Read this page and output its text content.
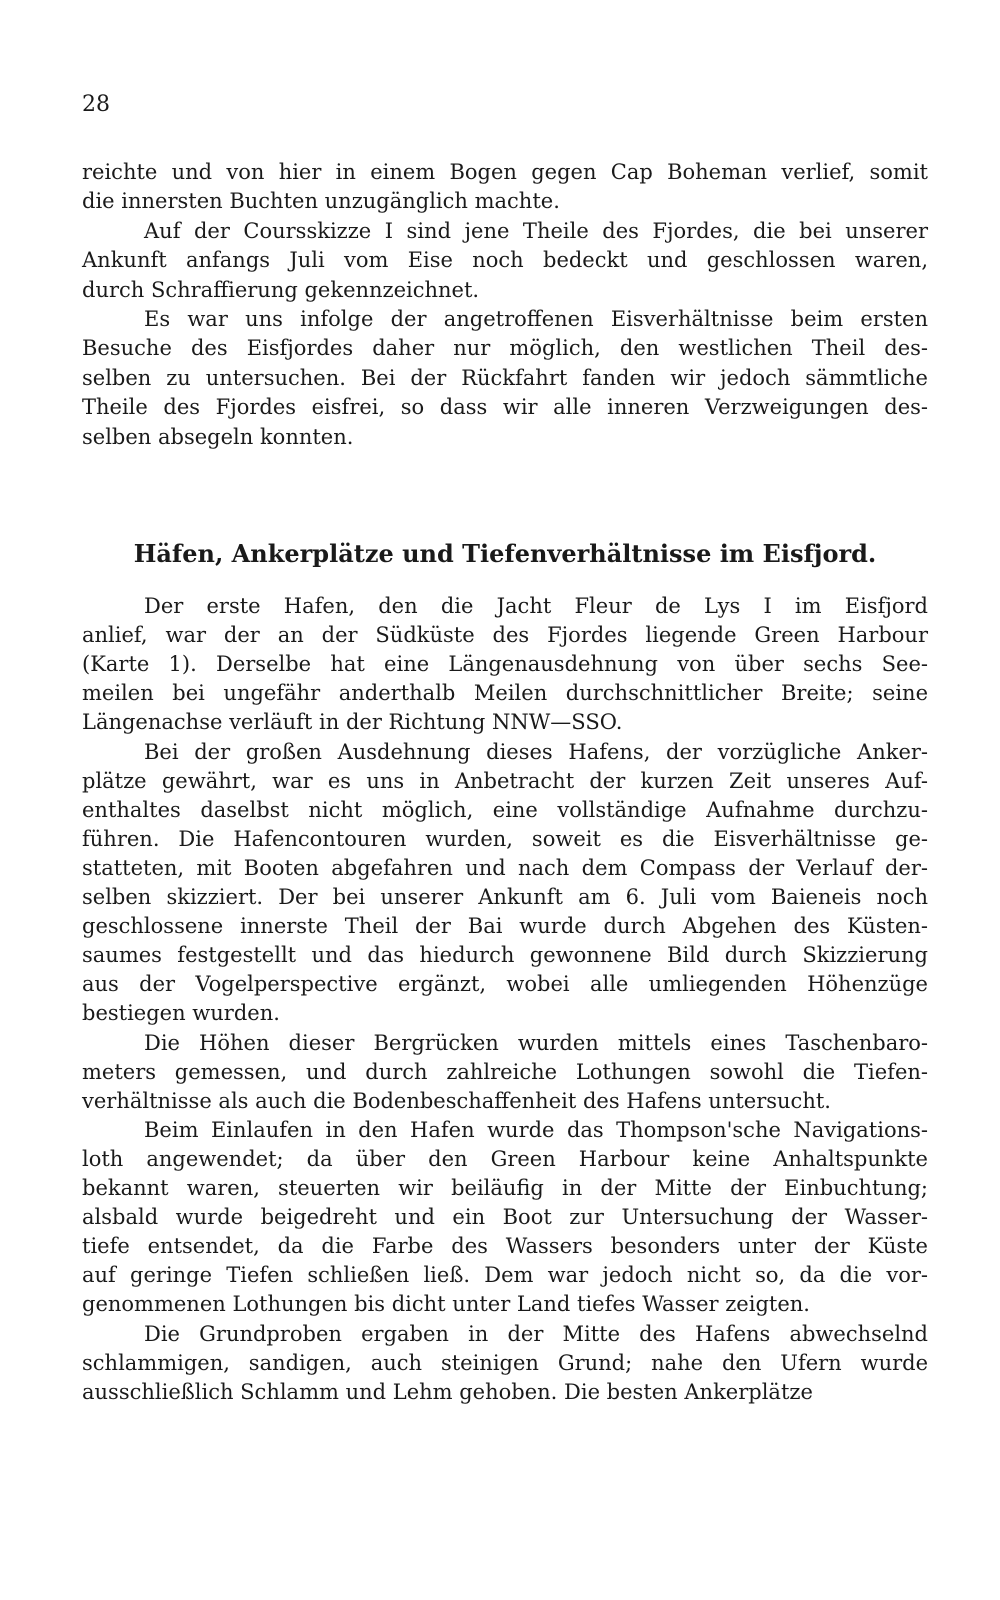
28
reichte und von hier in einem Bogen gegen Cap Boheman verlief, somit
die innersten Buchten unzugänglich machte.
Auf der Coursskizze I sind jene Theile des Fjordes, die bei unserer
Ankunft anfangs Juli vom Eise noch bedeckt und geschlossen waren,
durch Schraffierung gekennzeichnet.
Es war uns infolge der angetroffenen Eisverhältnisse beim ersten
Besuche des Eisfjordes daher nur möglich, den westlichen Theil des-
selben zu untersuchen. Bei der Rückfahrt fanden wir jedoch sämmtliche
Theile des Fjordes eisfrei, so dass wir alle inneren Verzweigungen des-
selben absegeln konnten.
Häfen, Ankerplätze und Tiefenverhältnisse im Eisfjord.
Der erste Hafen, den die Jacht Fleur de Lys I im Eisfjord
anlief, war der an der Südküste des Fjordes liegende Green Harbour
(Karte 1). Derselbe hat eine Längenausdehnung von über sechs See-
meilen bei ungefähr anderthalb Meilen durchschnittlicher Breite; seine
Längenachse verläuft in der Richtung NNW—SSO.
Bei der großen Ausdehnung dieses Hafens, der vorzügliche Anker-
plätze gewährt, war es uns in Anbetracht der kurzen Zeit unseres Auf-
enthaltes daselbst nicht möglich, eine vollständige Aufnahme durchzu-
führen. Die Hafencontouren wurden, soweit es die Eisverhältnisse ge-
statteten, mit Booten abgefahren und nach dem Compass der Verlauf der-
selben skizziert. Der bei unserer Ankunft am 6. Juli vom Baieneis noch
geschlossene innerste Theil der Bai wurde durch Abgehen des Küsten-
saumes festgestellt und das hiedurch gewonnene Bild durch Skizzierung
aus der Vogelperspective ergänzt, wobei alle umliegenden Höhenzüge
bestiegen wurden.
Die Höhen dieser Bergrücken wurden mittels eines Taschenbaro-
meters gemessen, und durch zahlreiche Lothungen sowohl die Tiefen-
verhältnisse als auch die Bodenbeschaffenheit des Hafens untersucht.
Beim Einlaufen in den Hafen wurde das Thompson'sche Navigations-
loth angewendet; da über den Green Harbour keine Anhaltspunkte
bekannt waren, steuerten wir beiläufig in der Mitte der Einbuchtung;
alsbald wurde beigedreht und ein Boot zur Untersuchung der Wasser-
tiefe entsendet, da die Farbe des Wassers besonders unter der Küste
auf geringe Tiefen schließen ließ. Dem war jedoch nicht so, da die vor-
genommenen Lothungen bis dicht unter Land tiefes Wasser zeigten.
Die Grundproben ergaben in der Mitte des Hafens abwechselnd
schlammigen, sandigen, auch steinigen Grund; nahe den Ufern wurde
ausschließlich Schlamm und Lehm gehoben. Die besten Ankerplätze
